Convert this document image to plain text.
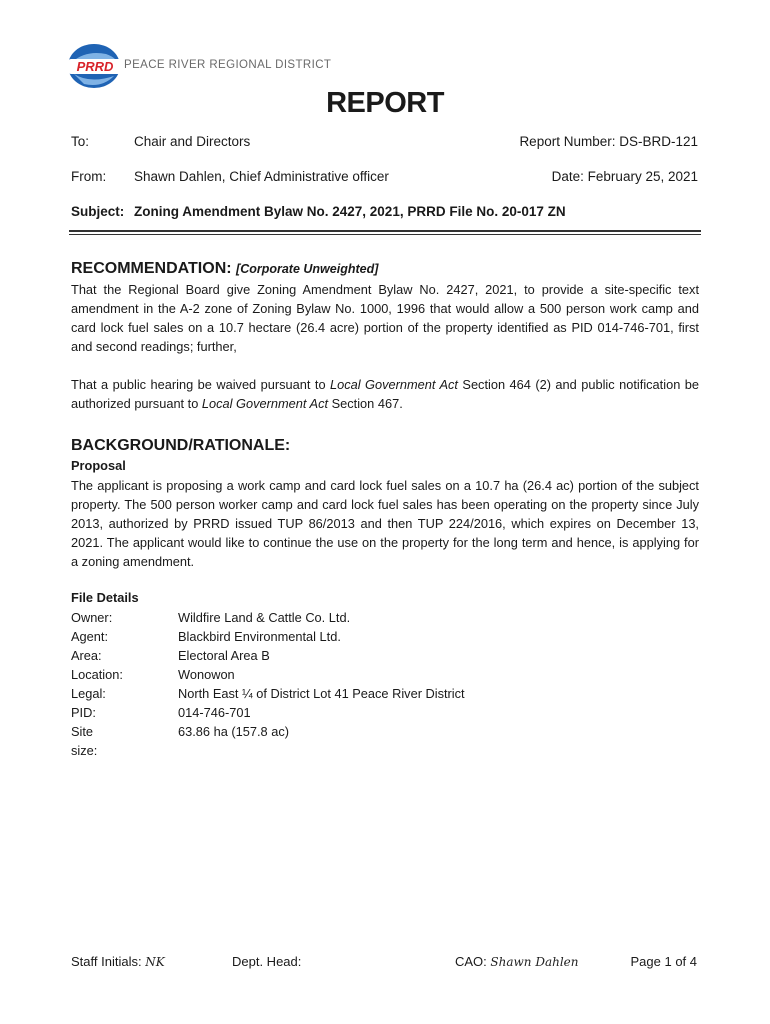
PRRD PEACE RIVER REGIONAL DISTRICT
REPORT
To:	Chair and Directors	Report Number: DS-BRD-121
From: Shawn Dahlen, Chief Administrative officer	Date: February 25, 2021
Subject: Zoning Amendment Bylaw No. 2427, 2021, PRRD File No. 20-017 ZN
RECOMMENDATION: [Corporate Unweighted]
That the Regional Board give Zoning Amendment Bylaw No. 2427, 2021, to provide a site-specific text amendment in the A-2 zone of Zoning Bylaw No. 1000, 1996 that would allow a 500 person work camp and card lock fuel sales on a 10.7 hectare (26.4 acre) portion of the property identified as PID 014-746-701, first and second readings; further,
That a public hearing be waived pursuant to Local Government Act Section 464 (2) and public notification be authorized pursuant to Local Government Act Section 467.
BACKGROUND/RATIONALE:
Proposal
The applicant is proposing a work camp and card lock fuel sales on a 10.7 ha (26.4 ac) portion of the subject property. The 500 person worker camp and card lock fuel sales has been operating on the property since July 2013, authorized by PRRD issued TUP 86/2013 and then TUP 224/2016, which expires on December 13, 2021. The applicant would like to continue the use on the property for the long term and hence, is applying for a zoning amendment.
File Details
Owner:	Wildfire Land & Cattle Co. Ltd.
Agent:	Blackbird Environmental Ltd.
Area:	Electoral Area B
Location:	Wonowon
Legal:	North East ¼ of District Lot 41 Peace River District
PID:	014-746-701
Site size:
63.86 ha (157.8 ac)
Staff Initials: NK	Dept. Head:	CAO: Shawn Dahlen	Page 1 of 4
